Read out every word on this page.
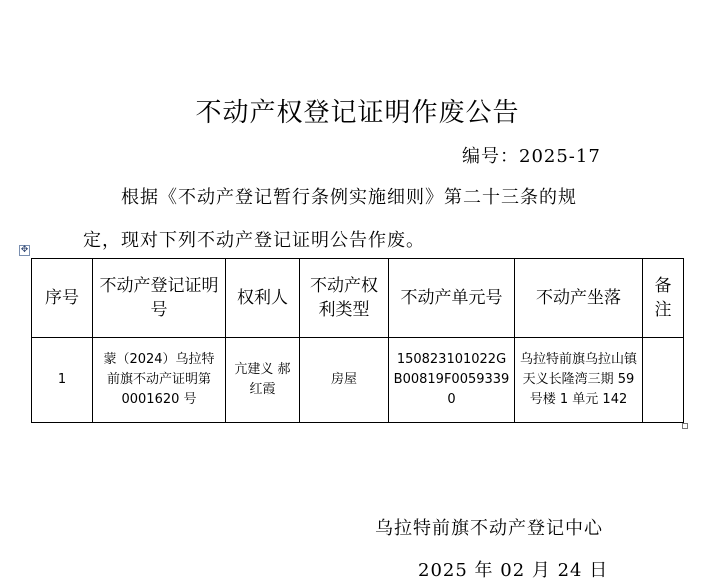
不动产权登记证明作废公告
编号：2025-17
根据《不动产登记暂行条例实施细则》第二十三条的规
定，现对下列不动产登记证明公告作废。
✥
序号	不动产登记证明号	权利人	不动产权利类型	不动产单元号	不动产坐落	备注
1	蒙（2024）乌拉特前旗不动产证明第 0001620 号	亢建义 郝红霞	房屋	150823101022GB00819F00593390	乌拉特前旗乌拉山镇天义长隆湾三期 59 号楼 1 单元 142	
乌拉特前旗不动产登记中心
2025 年 02 月 24 日
